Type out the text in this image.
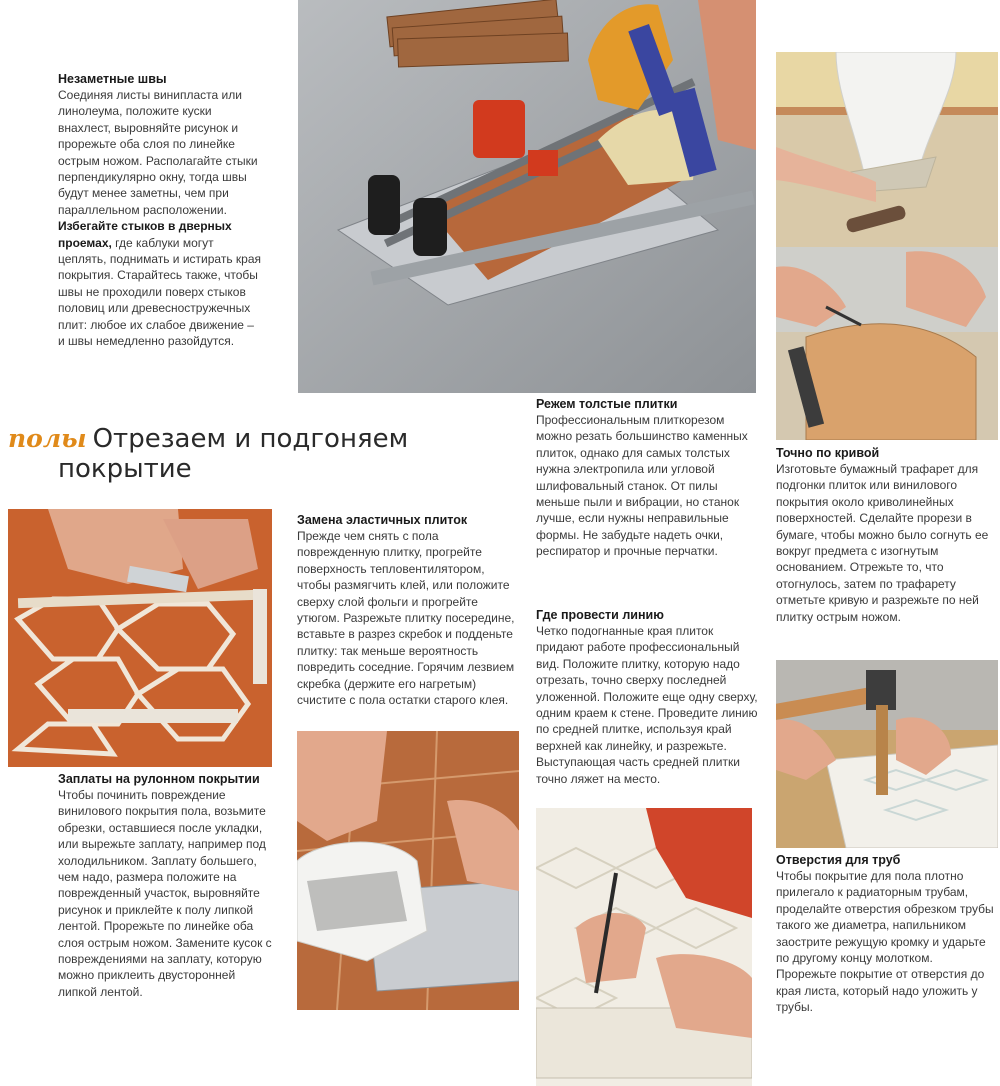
Незаметные швы

Соединяя листы винипласта или линолеума, положите куски внахлест, выровняйте рисунок и прорежьте оба слоя по линейке острым ножом. Располагайте стыки перпендикулярно окну, тогда швы будут менее заметны, чем при параллельном расположении.

Избегайте стыков в дверных проемах, где каблуки могут цеплять, поднимать и истирать края покрытия. Старайтесь также, чтобы швы не проходили поверх стыков половиц или древесностружечных плит: любое их слабое движение – и швы немедленно разойдутся.

Режем толстые плитки

Профессиональным плиткорезом можно резать большинство каменных плиток, однако для самых толстых нужна электропила или угловой шлифовальный станок. От пилы меньше пыли и вибрации, но станок лучше, если нужны неправильные формы. Не забудьте надеть очки, респиратор и прочные перчатки.

полы Отрезаем и подгоняем
покрытие
Точно по кривой

Изготовьте бумажный трафарет для подгонки плиток или винилового покрытия около криволинейных поверхностей. Сделайте прорези в бумаге, чтобы можно было согнуть ее вокруг предмета с изогнутым основанием. Отрежьте то, что отогнулось, затем по трафарету отметьте кривую и разрежьте по ней плитку острым ножом.

Замена эластичных плиток

Прежде чем снять с пола поврежденную плитку, прогрейте поверхность тепловентилятором, чтобы размягчить клей, или положите сверху слой фольги и прогрейте утюгом. Разрежьте плитку посередине, вставьте в разрез скребок и подденьте плитку: так меньше вероятность повредить соседние. Горячим лезвием скребка (держите его нагретым) счистите с пола остатки старого клея.

Где провести линию

Четко подогнанные края плиток придают работе профессиональный вид. Положите плитку, которую надо отрезать, точно сверху последней уложенной. Положите еще одну сверху, одним краем к стене. Проведите линию по средней плитке, используя край верхней как линейку, и разрежьте. Выступающая часть средней плитки точно ляжет на место.

Заплаты на рулонном покрытии

Чтобы починить повреждение винилового покрытия пола, возьмите обрезки, оставшиеся после укладки, или вырежьте заплату, например под холодильником. Заплату большего, чем надо, размера положите на поврежденный участок, выровняйте рисунок и приклейте к полу липкой лентой. Прорежьте по линейке оба слоя острым ножом. Замените кусок с повреждениями на заплату, которую можно приклеить двусторонней липкой лентой.

Отверстия для труб

Чтобы покрытие для пола плотно прилегало к радиаторным трубам, проделайте отверстия обрезком трубы такого же диаметра, напильником заострите режущую кромку и ударьте по другому концу молотком. Прорежьте покрытие от отверстия до края листа, который надо уложить у трубы.
